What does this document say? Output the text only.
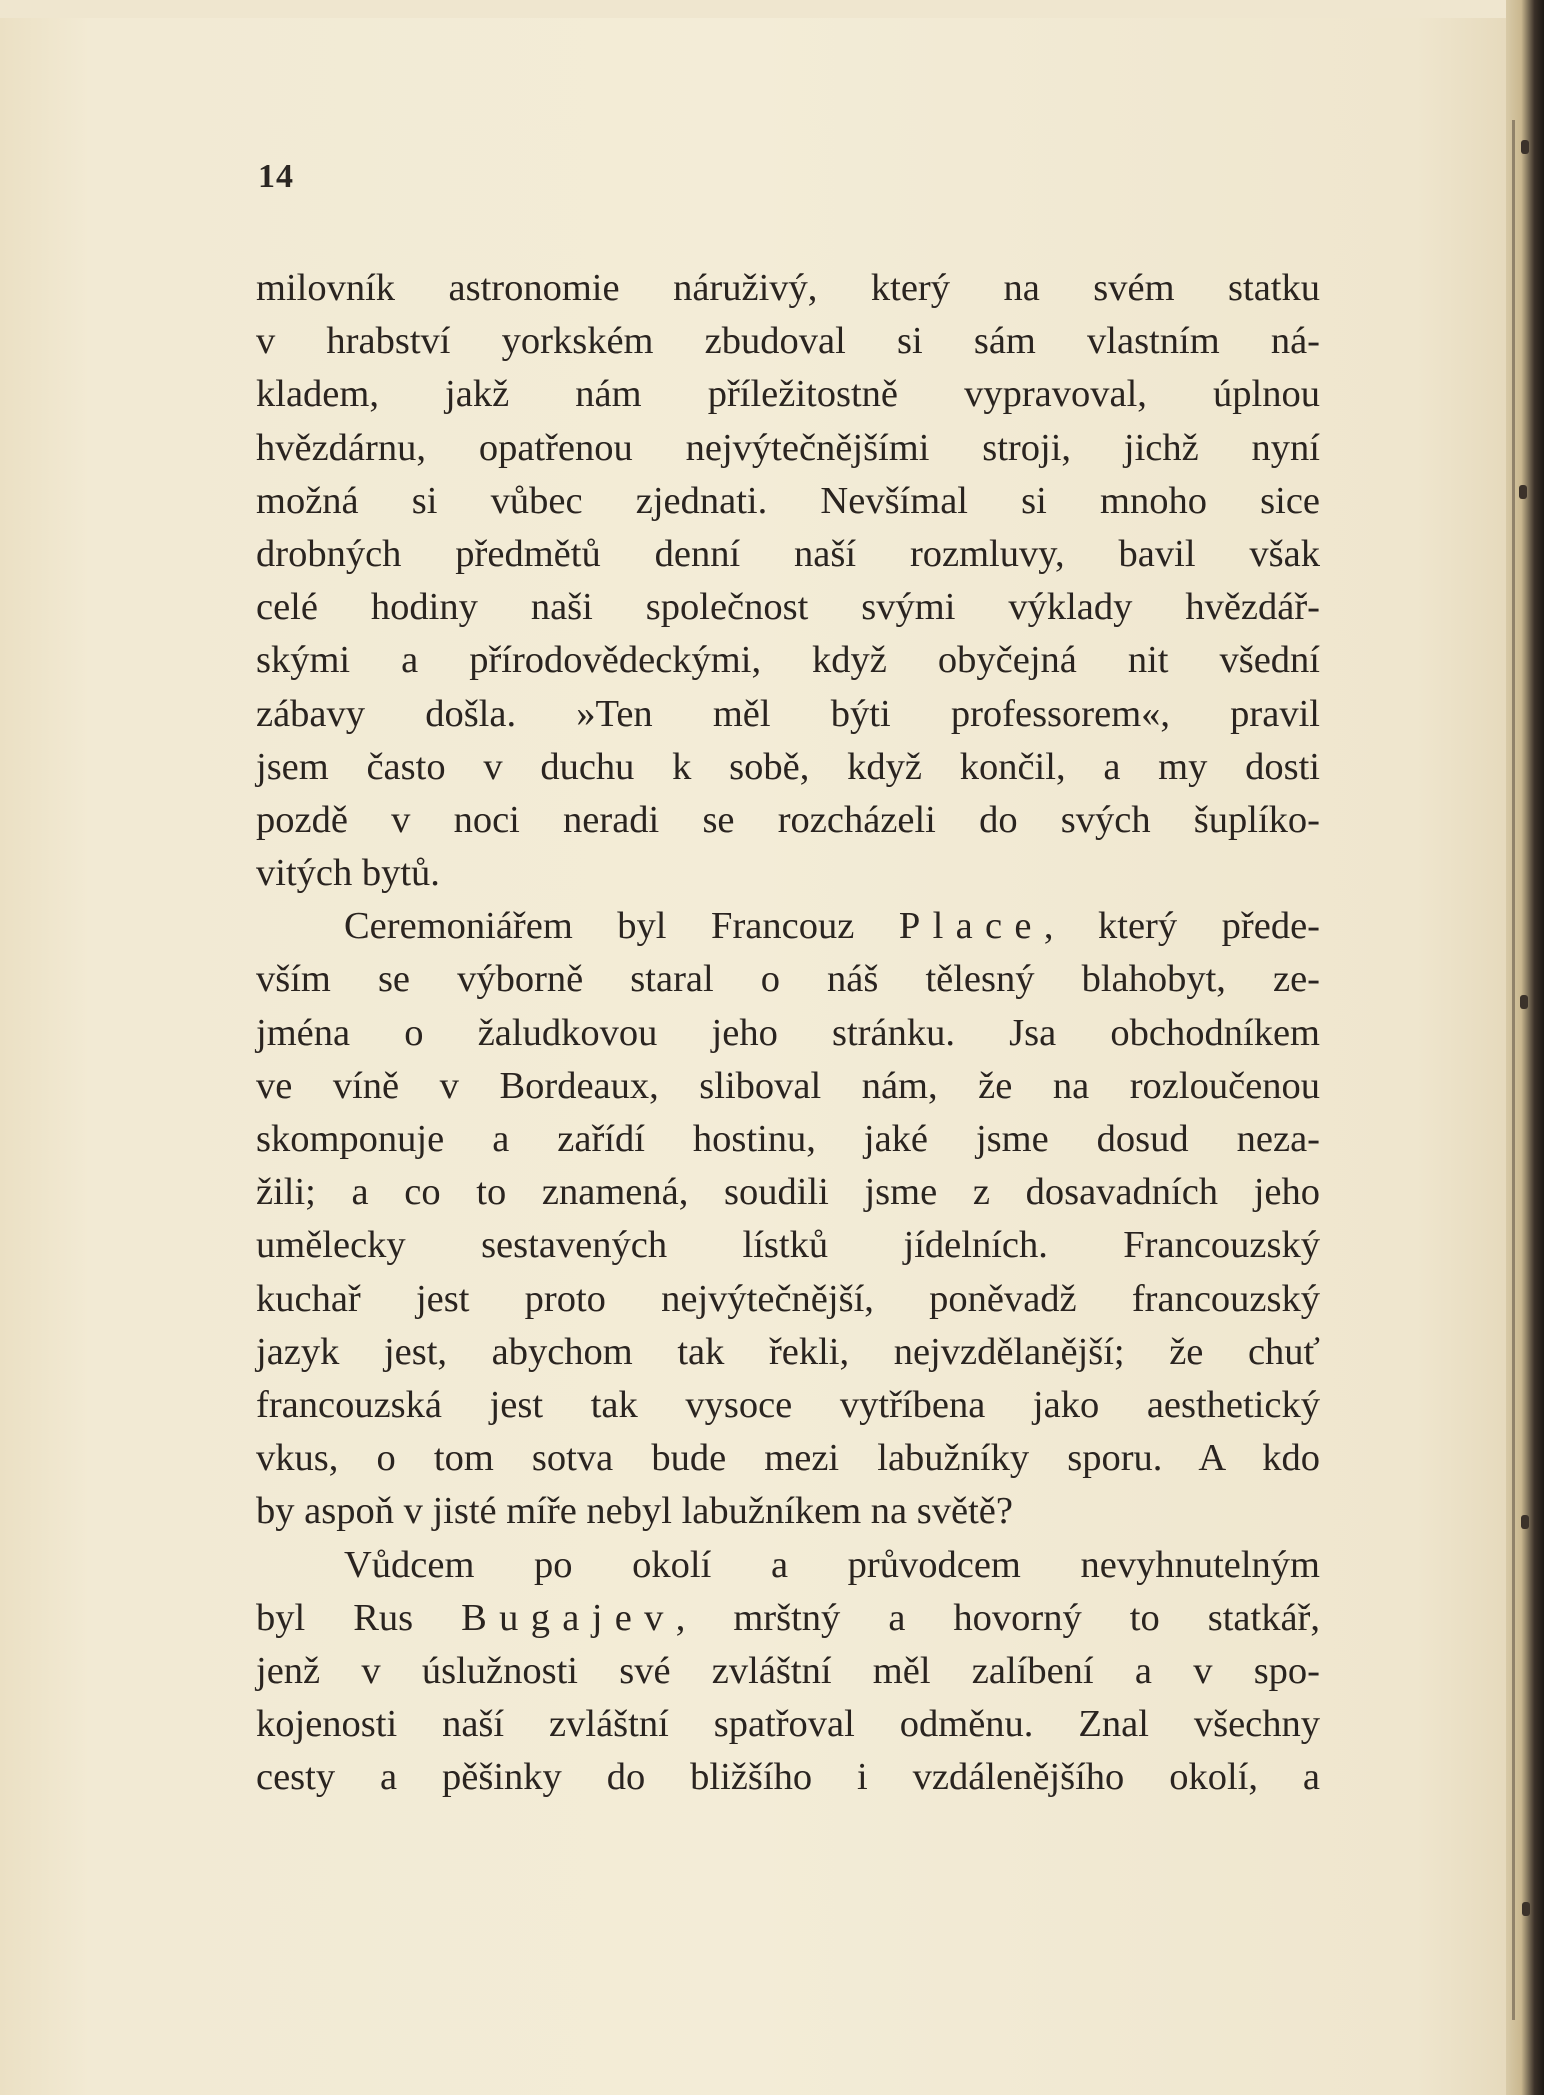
14
milovník astronomie náruživý, který na svém statku
v hrabství yorkském zbudoval si sám vlastním ná-
kladem, jakž nám příležitostně vypravoval, úplnou
hvězdárnu, opatřenou nejvýtečnějšími stroji, jichž nyní
možná si vůbec zjednati. Nevšímal si mnoho sice
drobných předmětů denní naší rozmluvy, bavil však
celé hodiny naši společnost svými výklady hvězdář-
skými a přírodovědeckými, když obyčejná nit všední
zábavy došla. »Ten měl býti professorem«, pravil
jsem často v duchu k sobě, když končil, a my dosti
pozdě v noci neradi se rozcházeli do svých šuplíko-
vitých bytů.
Ceremoniářem byl Francouz Place, který přede-
vším se výborně staral o náš tělesný blahobyt, ze-
jména o žaludkovou jeho stránku. Jsa obchodníkem
ve víně v Bordeaux, sliboval nám, že na rozloučenou
skomponuje a zařídí hostinu, jaké jsme dosud neza-
žili; a co to znamená, soudili jsme z dosavadních jeho
umělecky sestavených lístků jídelních. Francouzský
kuchař jest proto nejvýtečnější, poněvadž francouzský
jazyk jest, abychom tak řekli, nejvzdělanější; že chuť
francouzská jest tak vysoce vytříbena jako aesthetický
vkus, o tom sotva bude mezi labužníky sporu. A kdo
by aspoň v jisté míře nebyl labužníkem na světě?
Vůdcem po okolí a průvodcem nevyhnutelným
byl Rus Bugajev, mrštný a hovorný to statkář,
jenž v úslužnosti své zvláštní měl zalíbení a v spo-
kojenosti naší zvláštní spatřoval odměnu. Znal všechny
cesty a pěšinky do bližšího i vzdálenějšího okolí, a
